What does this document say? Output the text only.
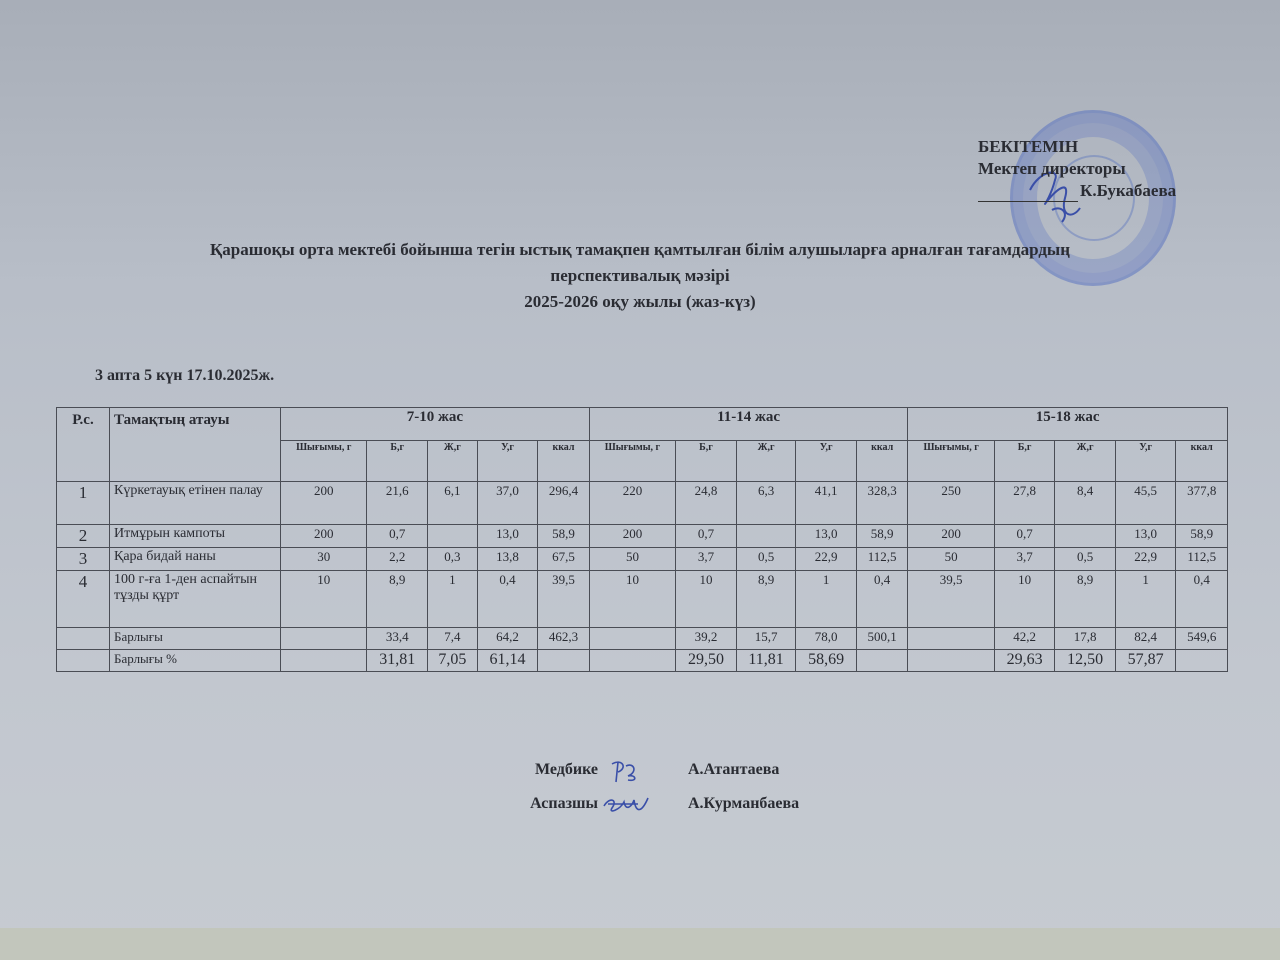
БЕКІТЕМІН
Мектеп директоры
К.Букабаева
Қарашоқы орта мектебі бойынша тегін ыстық тамақпен қамтылған білім алушыларға арналған тағамдардың
перспективалық мәзірі
2025-2026 оқу жылы (жаз-күз)
3 апта 5 күн 17.10.2025ж.
Р.с.	Тамақтың атауы	7-10 жас					11-14 жас					15-18 жас				
		Шығымы, г	Б,г	Ж,г	У,г	ккал	Шығымы, г	Б,г	Ж,г	У,г	ккал	Шығымы, г	Б,г	Ж,г	У,г	ккал
1	Күркетауық етінен палау	200	21,6	6,1	37,0	296,4	220	24,8	6,3	41,1	328,3	250	27,8	8,4	45,5	377,8
2	Итмұрын кампоты	200	0,7		13,0	58,9	200	0,7		13,0	58,9	200	0,7		13,0	58,9
3	Қара бидай наны	30	2,2	0,3	13,8	67,5	50	3,7	0,5	22,9	112,5	50	3,7	0,5	22,9	112,5
4	100 г-ға 1-ден аспайтын тұзды құрт	10	8,9	1	0,4	39,5	10	10	8,9	1	0,4	39,5	10	8,9	1	0,4
	Барлығы		33,4	7,4	64,2	462,3		39,2	15,7	78,0	500,1		42,2	17,8	82,4	549,6
	Барлығы %		31,81	7,05	61,14			29,50	11,81	58,69			29,63	12,50	57,87	
Медбике	А.Атантаева
Аспазшы	А.Курманбаева
